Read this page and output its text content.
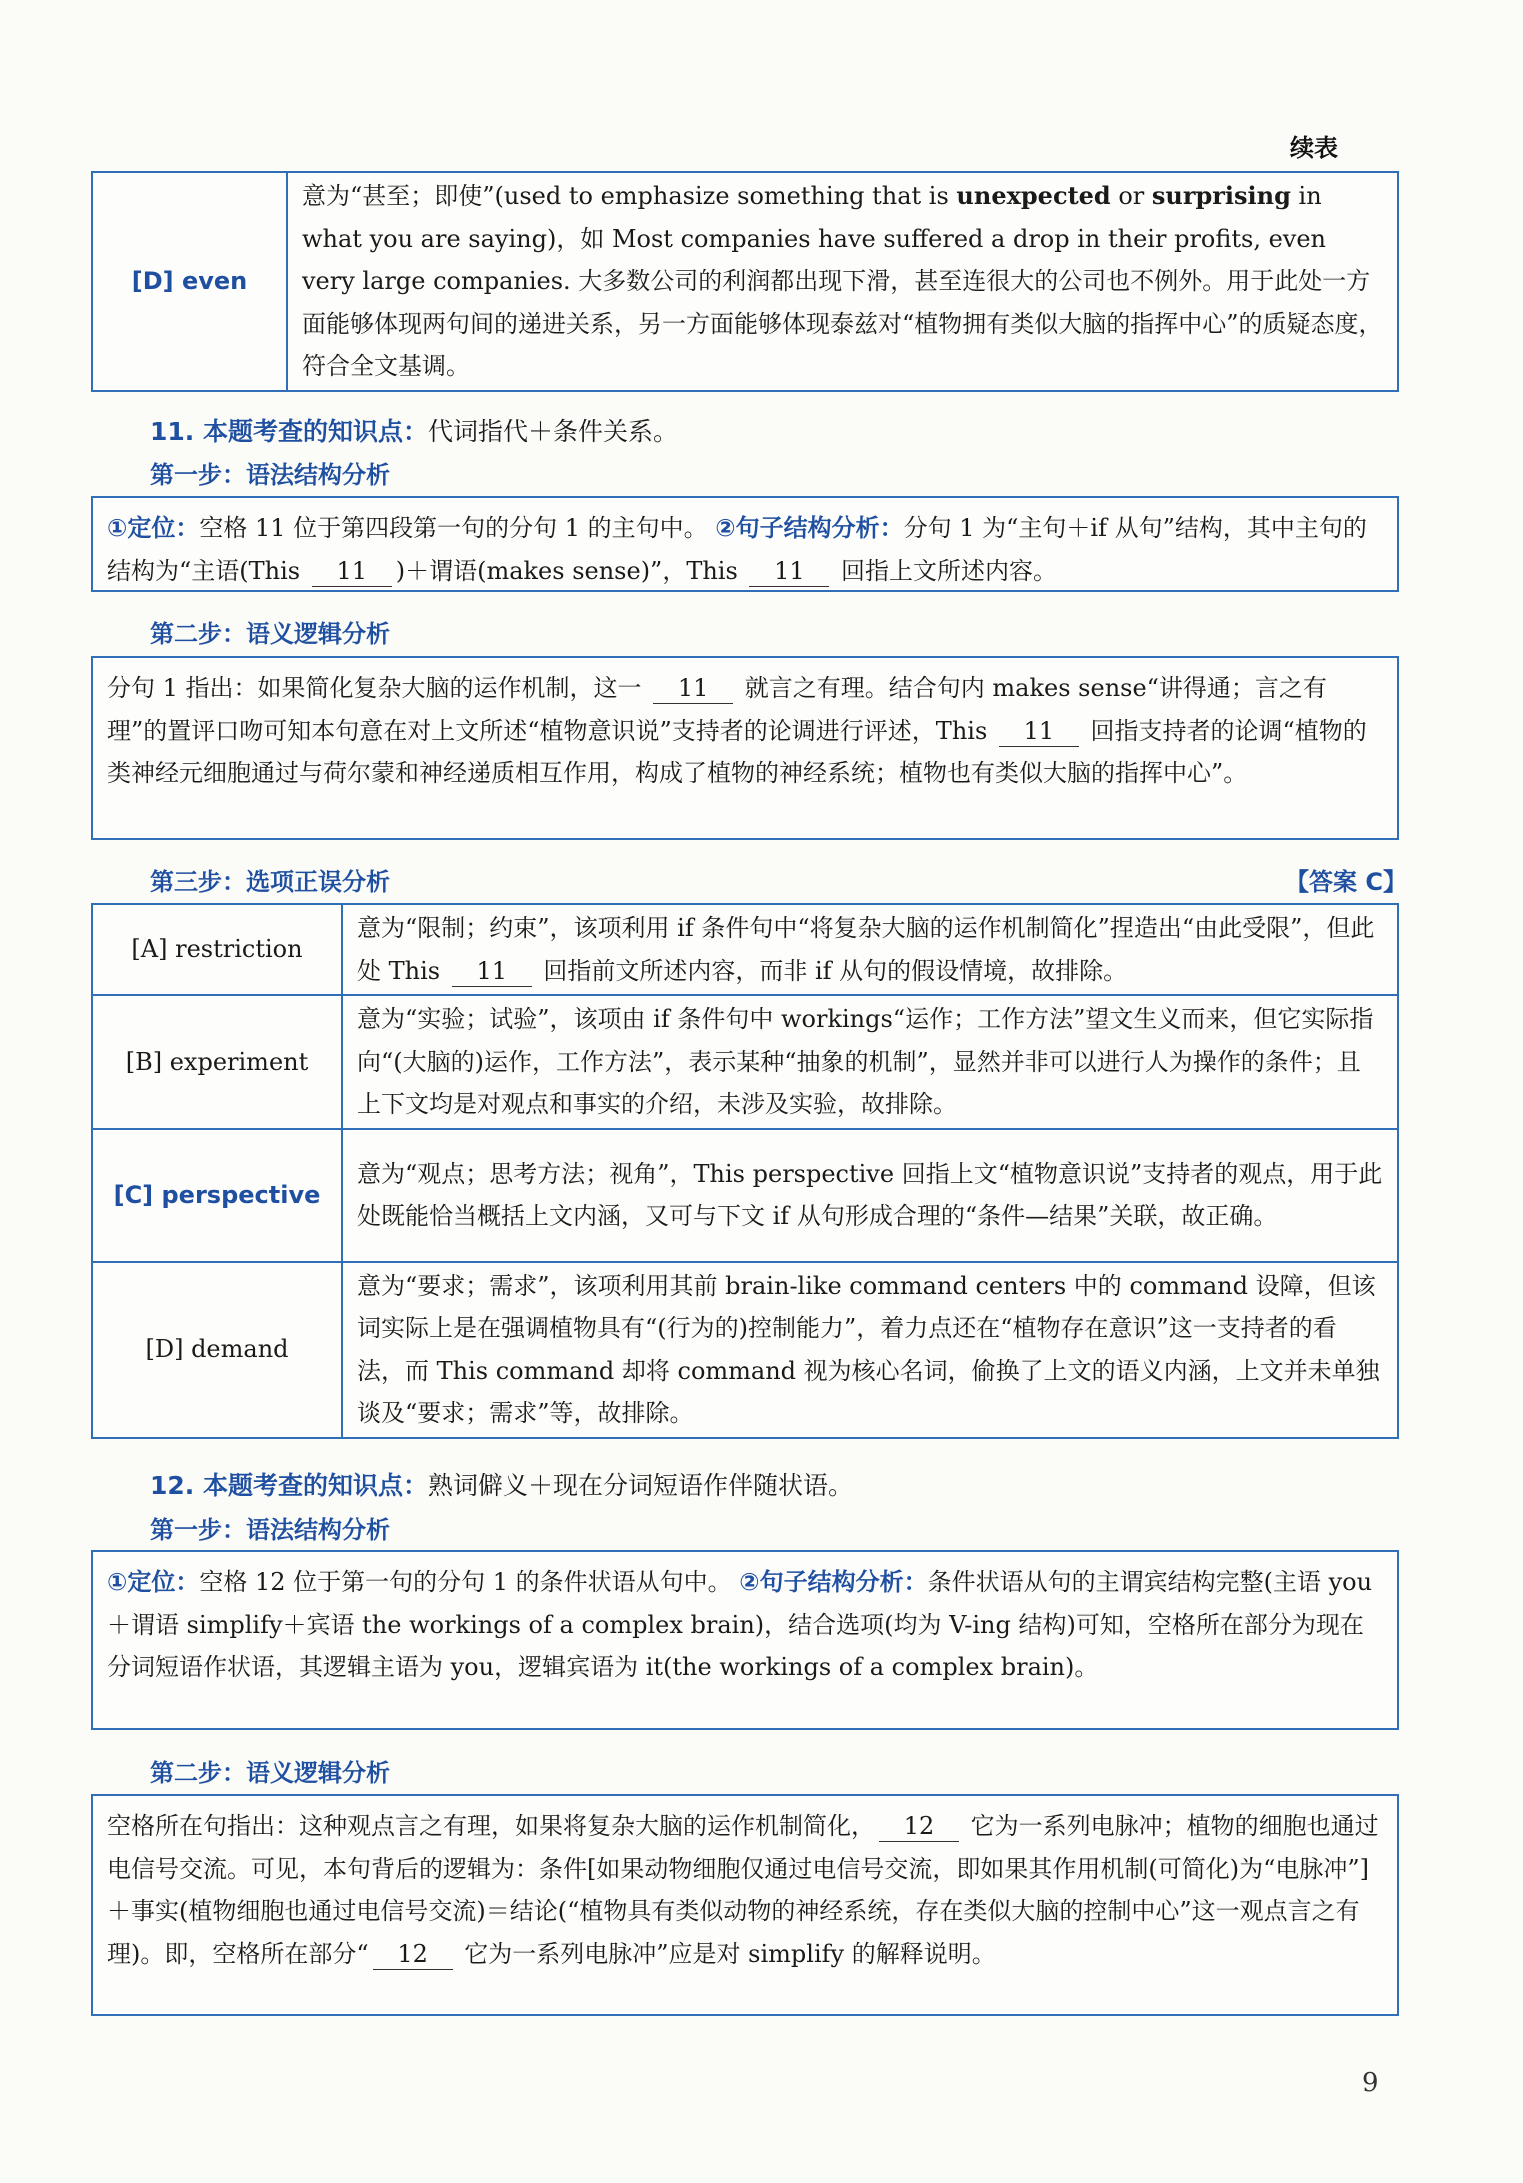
续表
[D] even	意为“甚至；即使”(used to emphasize something that is unexpected or surprising in what you are saying)，如 Most companies have suffered a drop in their profits, even very large companies. 大多数公司的利润都出现下滑，甚至连很大的公司也不例外。用于此处一方面能够体现两句间的递进关系，另一方面能够体现泰兹对“植物拥有类似大脑的指挥中心”的质疑态度，符合全文基调。
11. 本题考查的知识点：代词指代＋条件关系。
第一步：语法结构分析
①定位：空格 11 位于第四段第一句的分句 1 的主句中。 ②句子结构分析：分句 1 为“主句＋if 从句”结构，其中主句的结构为“主语(This 11 )＋谓语(makes sense)”，This 11 回指上文所述内容。
第二步：语义逻辑分析
分句 1 指出：如果简化复杂大脑的运作机制，这一 11 就言之有理。结合句内 makes sense“讲得通；言之有理”的置评口吻可知本句意在对上文所述“植物意识说”支持者的论调进行评述，This 11 回指支持者的论调“植物的类神经元细胞通过与荷尔蒙和神经递质相互作用，构成了植物的神经系统；植物也有类似大脑的指挥中心”。
第三步：选项正误分析	【答案 C】
[A] restriction	意为“限制；约束”，该项利用 if 条件句中“将复杂大脑的运作机制简化”捏造出“由此受限”，但此处 This 11 回指前文所述内容，而非 if 从句的假设情境，故排除。
[B] experiment	意为“实验；试验”，该项由 if 条件句中 workings“运作；工作方法”望文生义而来，但它实际指向“(大脑的)运作，工作方法”，表示某种“抽象的机制”，显然并非可以进行人为操作的条件；且上下文均是对观点和事实的介绍，未涉及实验，故排除。
[C] perspective	意为“观点；思考方法；视角”，This perspective 回指上文“植物意识说”支持者的观点，用于此处既能恰当概括上文内涵，又可与下文 if 从句形成合理的“条件—结果”关联，故正确。
[D] demand	意为“要求；需求”，该项利用其前 brain-like command centers 中的 command 设障，但该词实际上是在强调植物具有“(行为的)控制能力”，着力点还在“植物存在意识”这一支持者的看法，而 This command 却将 command 视为核心名词，偷换了上文的语义内涵，上文并未单独谈及“要求；需求”等，故排除。
12. 本题考查的知识点：熟词僻义＋现在分词短语作伴随状语。
第一步：语法结构分析
①定位：空格 12 位于第一句的分句 1 的条件状语从句中。 ②句子结构分析：条件状语从句的主谓宾结构完整(主语 you＋谓语 simplify＋宾语 the workings of a complex brain)，结合选项(均为 V-ing 结构)可知，空格所在部分为现在分词短语作状语，其逻辑主语为 you，逻辑宾语为 it(the workings of a complex brain)。
第二步：语义逻辑分析
空格所在句指出：这种观点言之有理，如果将复杂大脑的运作机制简化， 12 它为一系列电脉冲；植物的细胞也通过电信号交流。可见，本句背后的逻辑为：条件[如果动物细胞仅通过电信号交流，即如果其作用机制(可简化)为“电脉冲”]＋事实(植物细胞也通过电信号交流)＝结论(“植物具有类似动物的神经系统，存在类似大脑的控制中心”这一观点言之有理)。即，空格所在部分“ 12 它为一系列电脉冲”应是对 simplify 的解释说明。
9
